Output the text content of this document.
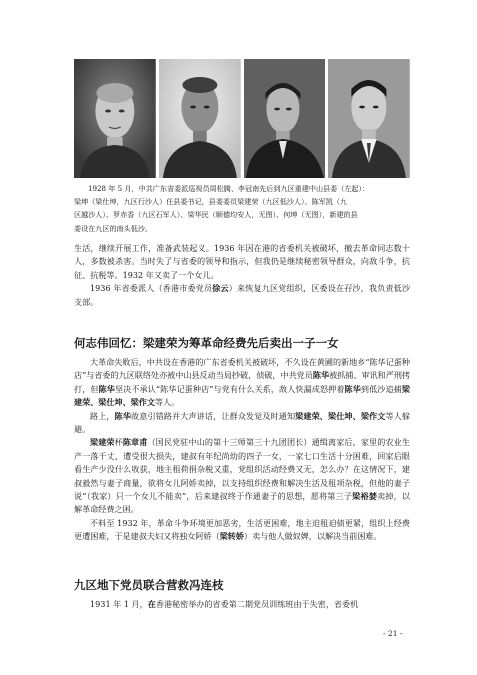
1928 年 5 月，中共广东省委派巡视员周松腾、李冠南先后到九区重建中山县委（左起）：

梁坤（梁仕坤，九区行沙人）任县委书记，县委委员梁建荣（九区低沙人）、陈军凯（九

区越沙人）、罗赤香（九区石军人）、梁华民（顺德均安人，无图）、何坤（无图），新建的县

委设在九区的南头低沙。

生活，继续开展工作，准备武装起义。1936 年因在港的省委机关被破坏，撤去革命同志数十人，多数被杀害。当时失了与省委的领导和指示，但我仍是继续秘密领导群众，向敌斗争，抗征、抗税等。1932 年又卖了一个女儿。

1936 年省委派人（香港市委党员徐云）来恢复九区党组织，区委设在孖沙，我负责低沙支部。

何志伟回忆：梁建荣为筹革命经费先后卖出一子一女

大革命失败后，中共设在香港的广东省委机关被破坏，不久设在黄圃的新地乡“陈华记蛋种店”与省委的九区联络处亦被中山县反动当局抄破，侦破，中共党员陈华被抓捕、审讯和严刑拷打，但陈华坚决不承认“陈华记蛋种店”与党有什么关系，敌人快漏成怒押着陈华到低沙追捕梁建荣、梁仕坤、梁作文等人。

路上，陈华故意引错路并大声讲话，让群众发觉及时通知梁建荣、梁仕坤、梁作文等人躲避。

梁建荣杯陈章甫（国民党驻中山的第十三师第三十九团团长）通缉离家后，家里的农业生产一落千丈，遭受很大损失，建叔有年纪尚幼的四子一女，一家七口生活十分困难，回家后眼看生产少没什么收获，地主租荷捐杂税又重，党组织活动经费又无，怎么办？在这情况下，建叔毅然与妻子商量，欲将女儿阿娇卖掉，以支持组织经费和解决生活及租项杂税，但他的妻子说“（我家）只一个女儿不能卖”，后来建叔终于作通妻子的思想，愿将第三子梁裕婪卖掉，以解革命经费之困。

不料至 1932 年，革命斗争环境更加恶劣，生活更困难，地主迫租迫债更紧，组织上经费更遭困难，于是建叔夫妇又将独女阿娇（梁转娇）卖与他人做奴婢，以解决当前困难。

九区地下党员联合营救冯连枝

1931 年 1 月，在香港秘密举办的省委第二期党员训练班由于失密，省委机

- 21 -
